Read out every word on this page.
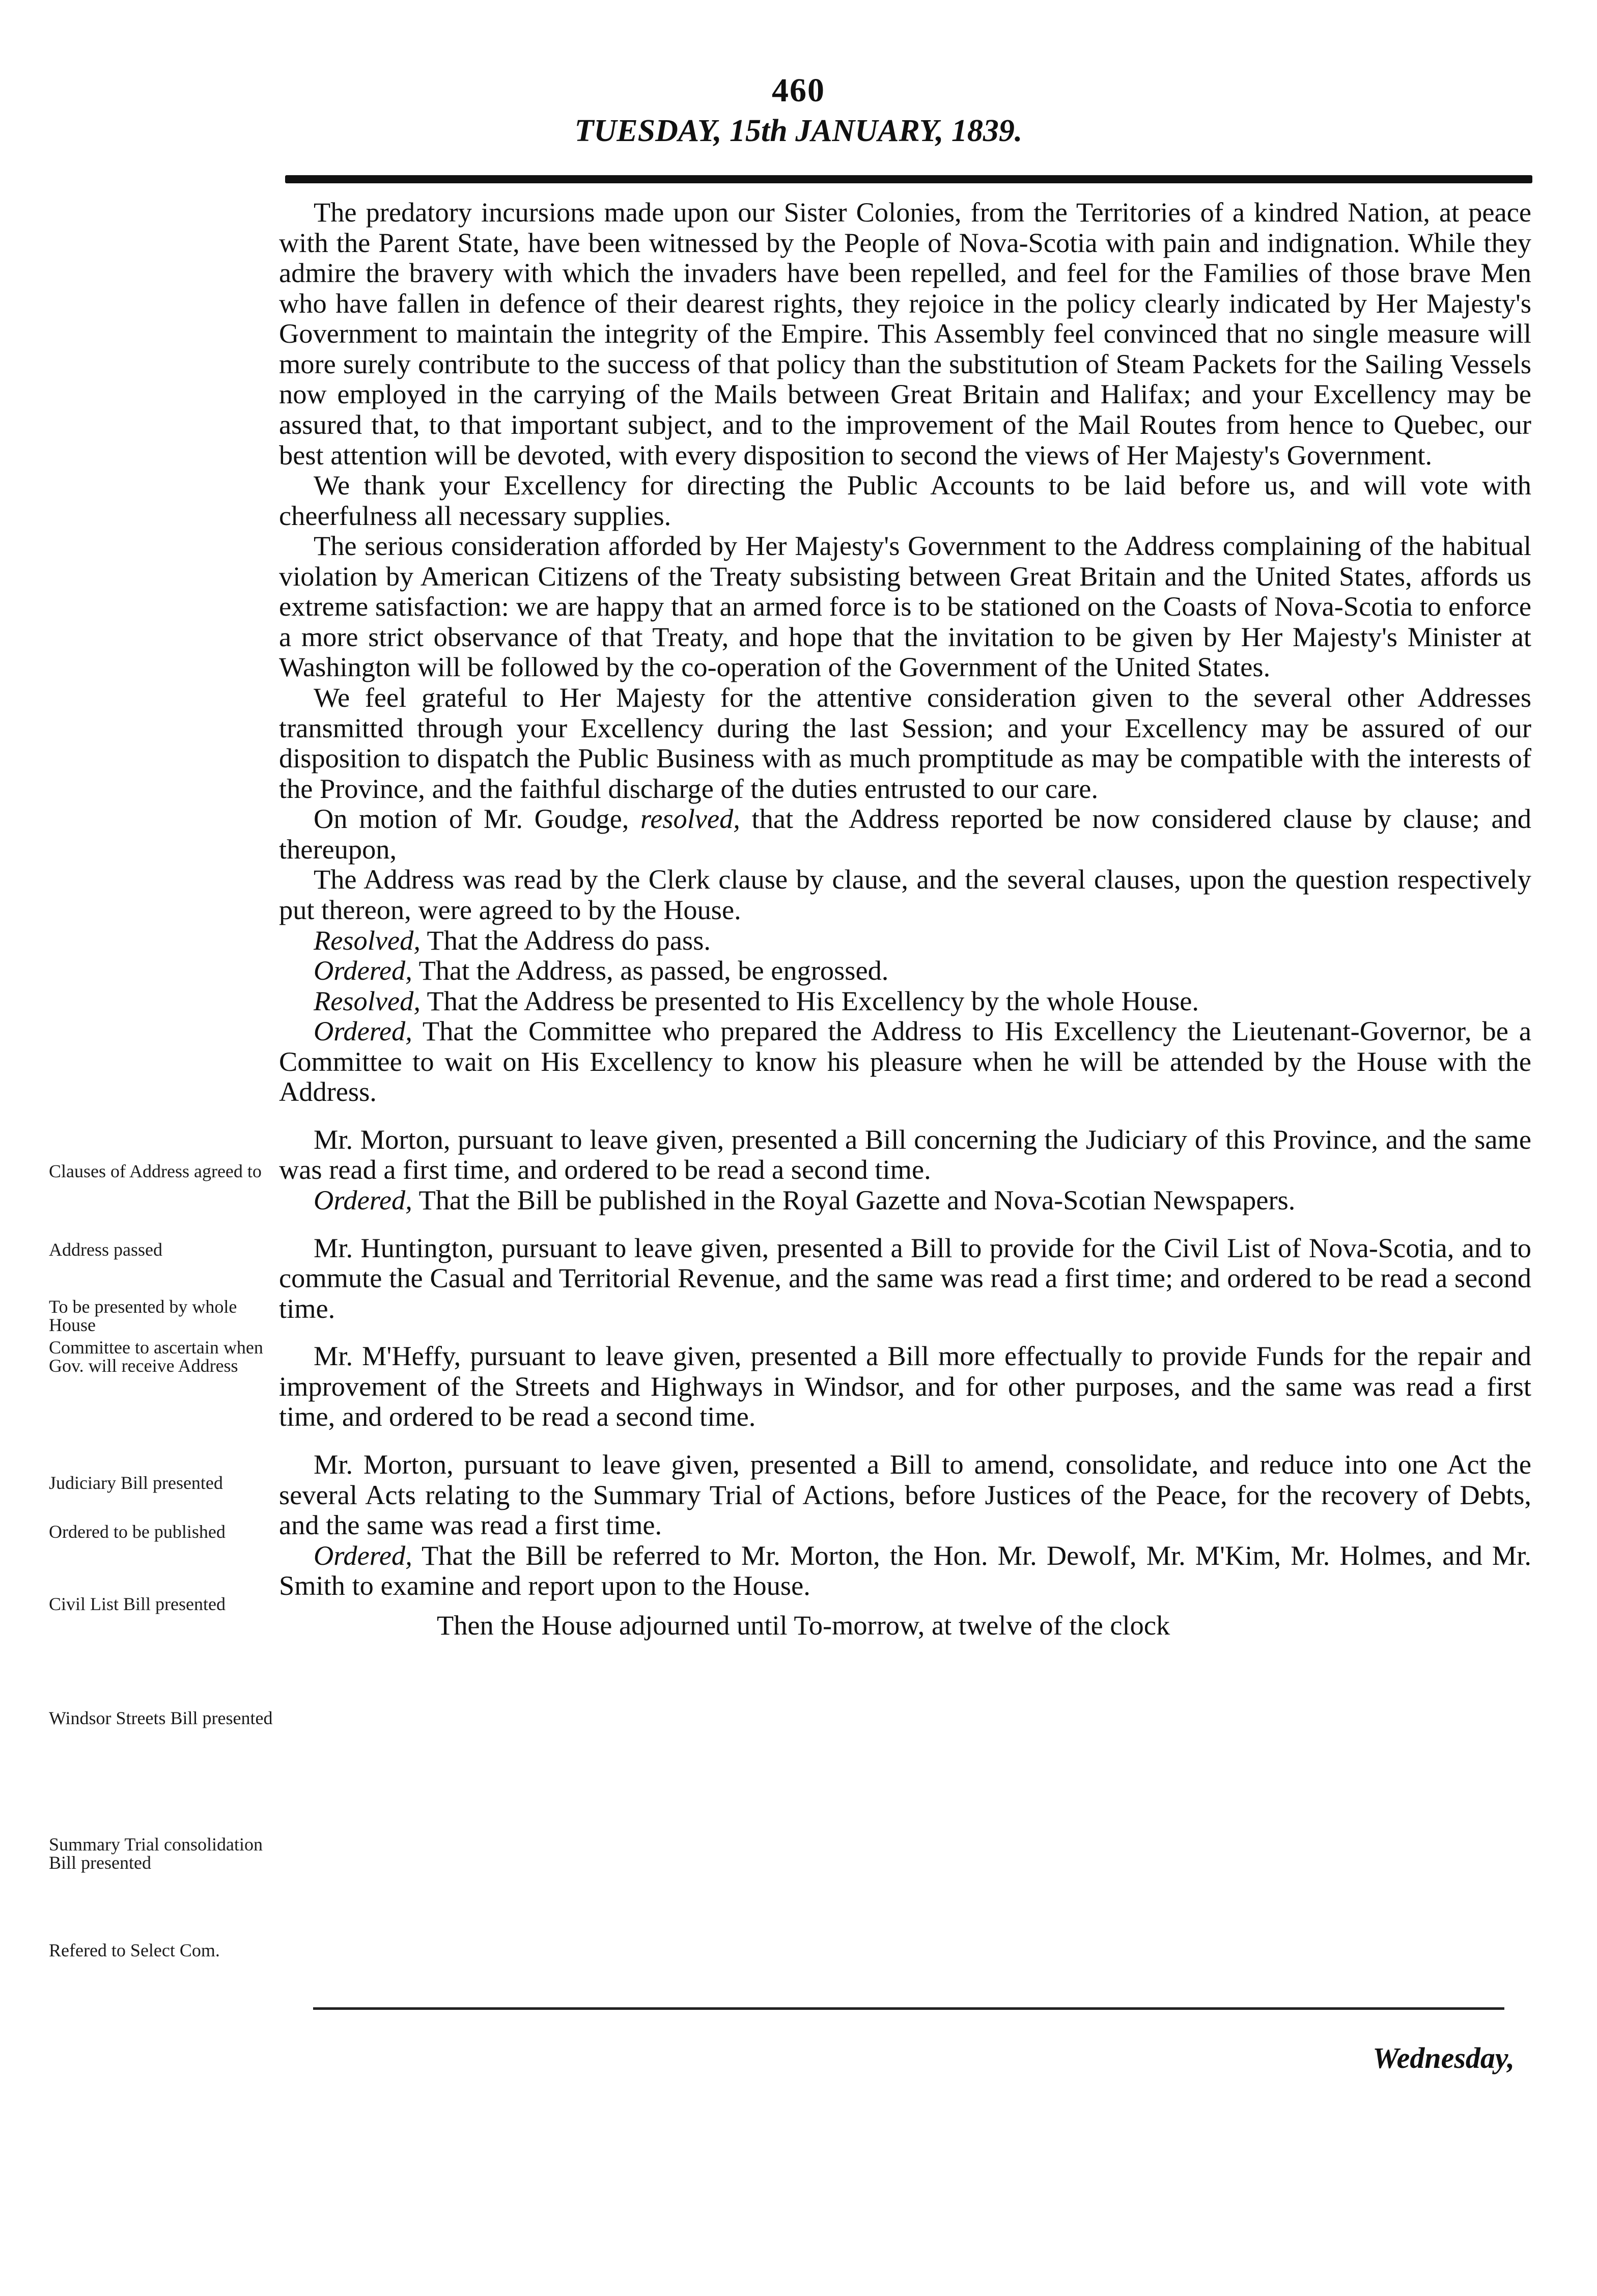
460
TUESDAY, 15th JANUARY, 1839.

The predatory incursions made upon our Sister Colonies, from the Territories of a kindred Nation, at peace with the Parent State, have been witnessed by the People of Nova-Scotia with pain and indignation. While they admire the bravery with which the invaders have been repelled, and feel for the Families of those brave Men who have fallen in defence of their dearest rights, they rejoice in the policy clearly indicated by Her Majesty's Government to maintain the integrity of the Empire. This Assembly feel convinced that no single measure will more surely contribute to the success of that policy than the substitution of Steam Packets for the Sailing Vessels now employed in the carrying of the Mails between Great Britain and Halifax; and your Excellency may be assured that, to that important subject, and to the improvement of the Mail Routes from hence to Quebec, our best attention will be devoted, with every disposition to second the views of Her Majesty's Government.

We thank your Excellency for directing the Public Accounts to be laid before us, and will vote with cheerfulness all necessary supplies.

The serious consideration afforded by Her Majesty's Government to the Address complaining of the habitual violation by American Citizens of the Treaty subsisting between Great Britain and the United States, affords us extreme satisfaction: we are happy that an armed force is to be stationed on the Coasts of Nova-Scotia to enforce a more strict observance of that Treaty, and hope that the invitation to be given by Her Majesty's Minister at Washington will be followed by the co-operation of the Government of the United States.

We feel grateful to Her Majesty for the attentive consideration given to the several other Addresses transmitted through your Excellency during the last Session; and your Excellency may be assured of our disposition to dispatch the Public Business with as much promptitude as may be compatible with the interests of the Province, and the faithful discharge of the duties entrusted to our care.

On motion of Mr. Goudge, resolved, that the Address reported be now considered clause by clause; and thereupon,

The Address was read by the Clerk clause by clause, and the several clauses, upon the question respectively put thereon, were agreed to by the House.

Resolved, That the Address do pass.

Ordered, That the Address, as passed, be engrossed.

Resolved, That the Address be presented to His Excellency by the whole House.

Ordered, That the Committee who prepared the Address to His Excellency the Lieutenant-Governor, be a Committee to wait on His Excellency to know his pleasure when he will be attended by the House with the Address.

Mr. Morton, pursuant to leave given, presented a Bill concerning the Judiciary of this Province, and the same was read a first time, and ordered to be read a second time.

Ordered, That the Bill be published in the Royal Gazette and Nova-Scotian Newspapers.

Mr. Huntington, pursuant to leave given, presented a Bill to provide for the Civil List of Nova-Scotia, and to commute the Casual and Territorial Revenue, and the same was read a first time; and ordered to be read a second time.

Mr. M'Heffy, pursuant to leave given, presented a Bill more effectually to provide Funds for the repair and improvement of the Streets and Highways in Windsor, and for other purposes, and the same was read a first time, and ordered to be read a second time.

Mr. Morton, pursuant to leave given, presented a Bill to amend, consolidate, and reduce into one Act the several Acts relating to the Summary Trial of Actions, before Justices of the Peace, for the recovery of Debts, and the same was read a first time.

Ordered, That the Bill be referred to Mr. Morton, the Hon. Mr. Dewolf, Mr. M'Kim, Mr. Holmes, and Mr. Smith to examine and report upon to the House.

Then the House adjourned until To-morrow, at twelve of the clock

Clauses of Address agreed to
Address passed
To be presented by whole House
Committee to ascertain when Gov. will receive Address
Judiciary Bill presented
Ordered to be published
Civil List Bill presented
Windsor Streets Bill presented
Summary Trial consolidation Bill presented
Refered to Select Com.
Wednesday,
